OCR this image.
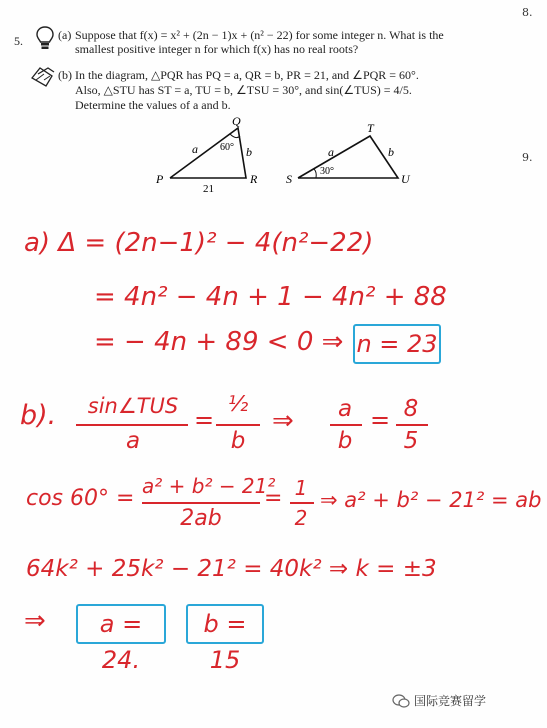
8.
9.
5.	(a) Suppose that f(x) = x² + (2n − 1)x + (n² − 22) for some integer n. What is the
smallest positive integer n for which f(x) has no real roots?
(b) In the diagram, △PQR has PQ = a, QR = b, PR = 21, and ∠PQR = 60°.
Also, △STU has ST = a, TU = b, ∠TSU = 30°, and sin(∠TUS) = 4/5.
Determine the values of a and b.
P
Q
R
a	b
60°
21
S
T
U
a	b
30°
a) Δ = (2n−1)² − 4(n²−22)
= 4n² − 4n + 1 − 4n² + 88
= − 4n + 89 < 0 ⇒ n = 23
b).	sin∠TUS
a
=
½
b
⇒	a
b
= 8
5
cos 60° = a² + b² − 21²
2ab
= 1
2
⇒ a² + b² − 21² = ab
64k² + 25k² − 21² = 40k² ⇒ k = ±3
⇒	a = 24.
b = 15
国际竞赛留学
